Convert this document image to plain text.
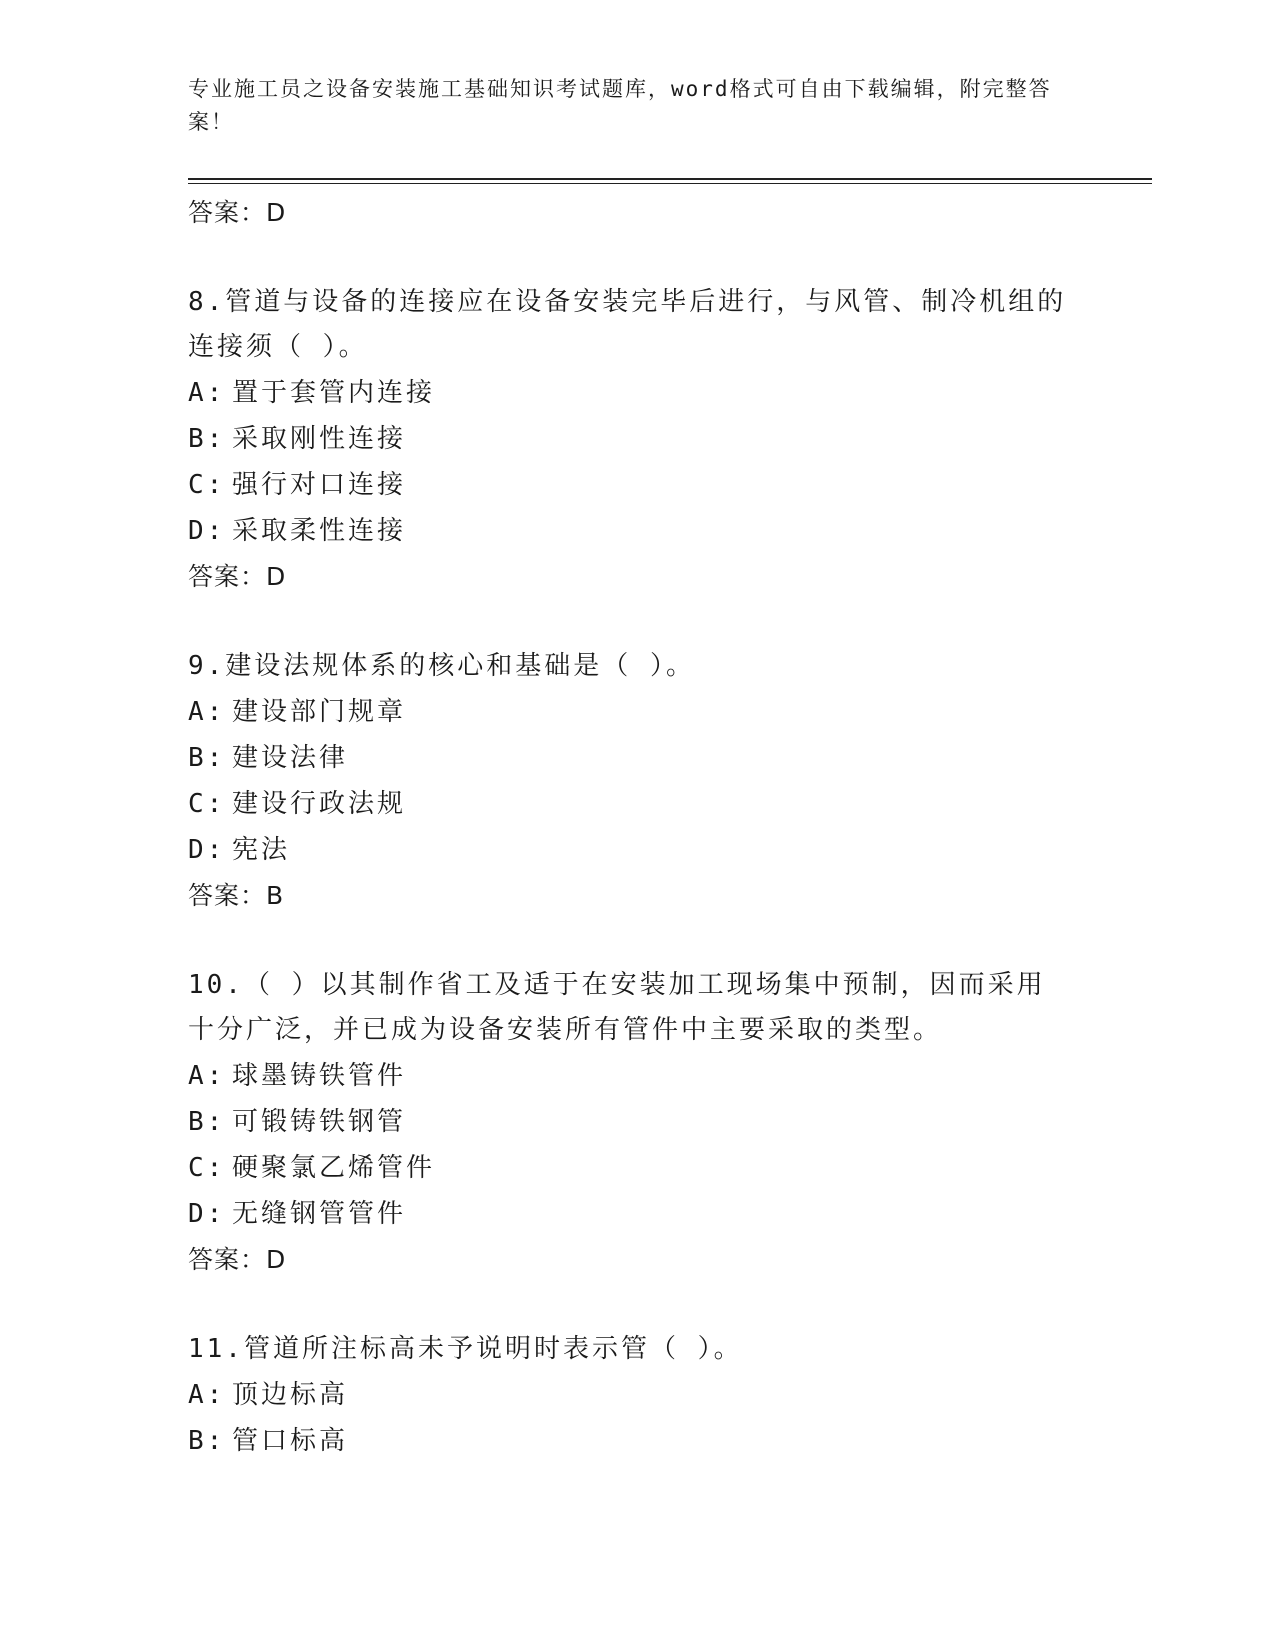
专业施工员之设备安装施工基础知识考试题库，word格式可自由下载编辑，附完整答案！
答案：D
8.管道与设备的连接应在设备安装完毕后进行，与风管、制冷机组的连接须（ ）。
A: 置于套管内连接
B: 采取刚性连接
C: 强行对口连接
D: 采取柔性连接
答案：D
9.建设法规体系的核心和基础是（ ）。
A: 建设部门规章
B: 建设法律
C: 建设行政法规
D: 宪法
答案：B
10.（ ）以其制作省工及适于在安装加工现场集中预制，因而采用十分广泛，并已成为设备安装所有管件中主要采取的类型。
A: 球墨铸铁管件
B: 可锻铸铁钢管
C: 硬聚氯乙烯管件
D: 无缝钢管管件
答案：D
11.管道所注标高未予说明时表示管（ ）。
A: 顶边标高
B: 管口标高
